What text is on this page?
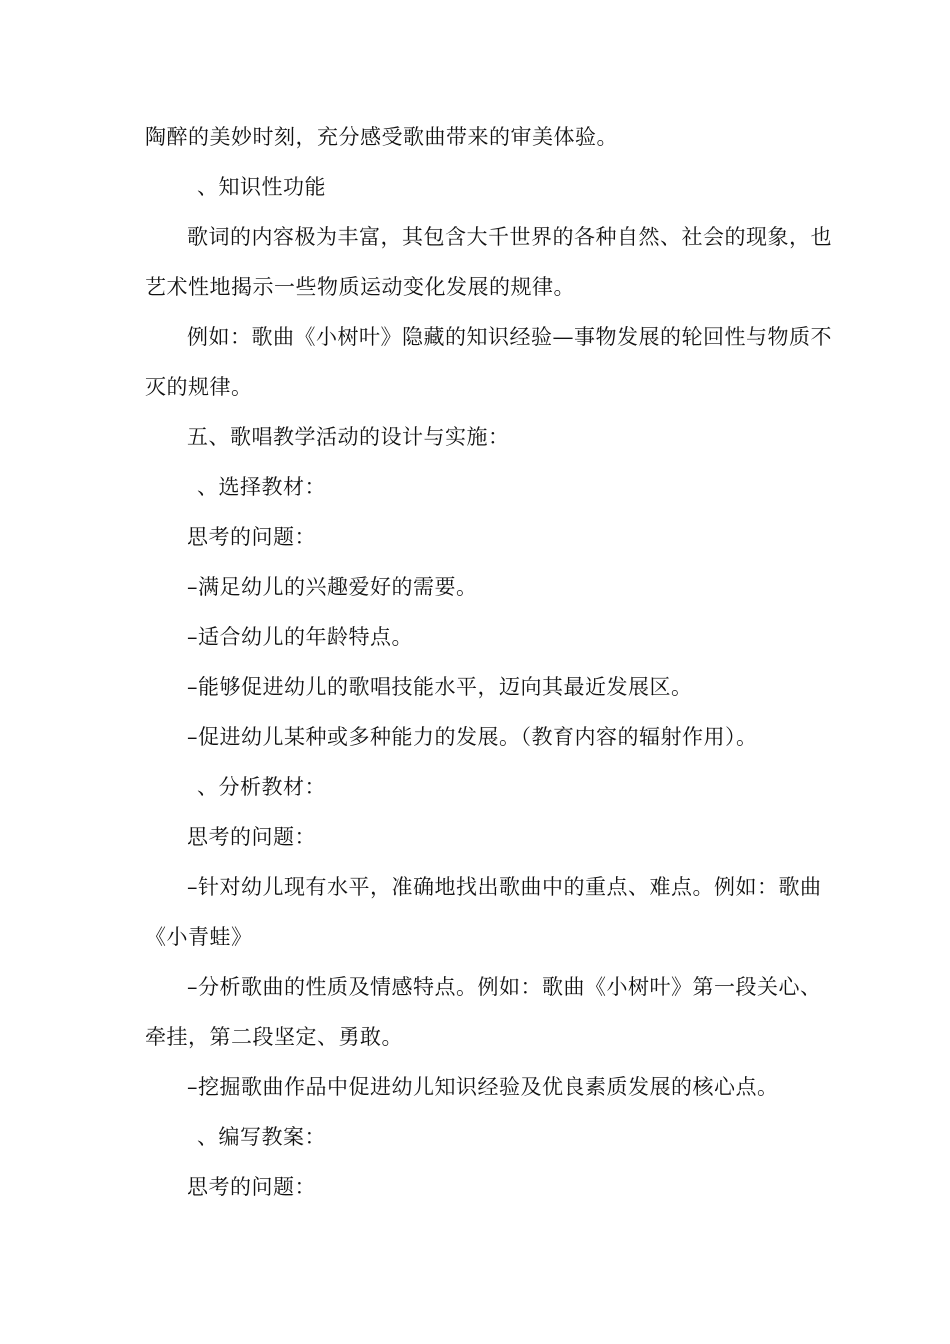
陶醉的美妙时刻，充分感受歌曲带来的审美体验。
、知识性功能
歌词的内容极为丰富，其包含大千世界的各种自然、社会的现象，也
艺术性地揭示一些物质运动变化发展的规律。
例如：歌曲《小树叶》隐藏的知识经验—事物发展的轮回性与物质不
灭的规律。
五、歌唱教学活动的设计与实施：
、选择教材：
思考的问题：
–满足幼儿的兴趣爱好的需要。
–适合幼儿的年龄特点。
–能够促进幼儿的歌唱技能水平，迈向其最近发展区。
–促进幼儿某种或多种能力的发展。（教育内容的辐射作用）。
、分析教材：
思考的问题：
–针对幼儿现有水平，准确地找出歌曲中的重点、难点。例如：歌曲
《小青蛙》
–分析歌曲的性质及情感特点。例如：歌曲《小树叶》第一段关心、
牵挂，第二段坚定、勇敢。
–挖掘歌曲作品中促进幼儿知识经验及优良素质发展的核心点。
、编写教案：
思考的问题：
